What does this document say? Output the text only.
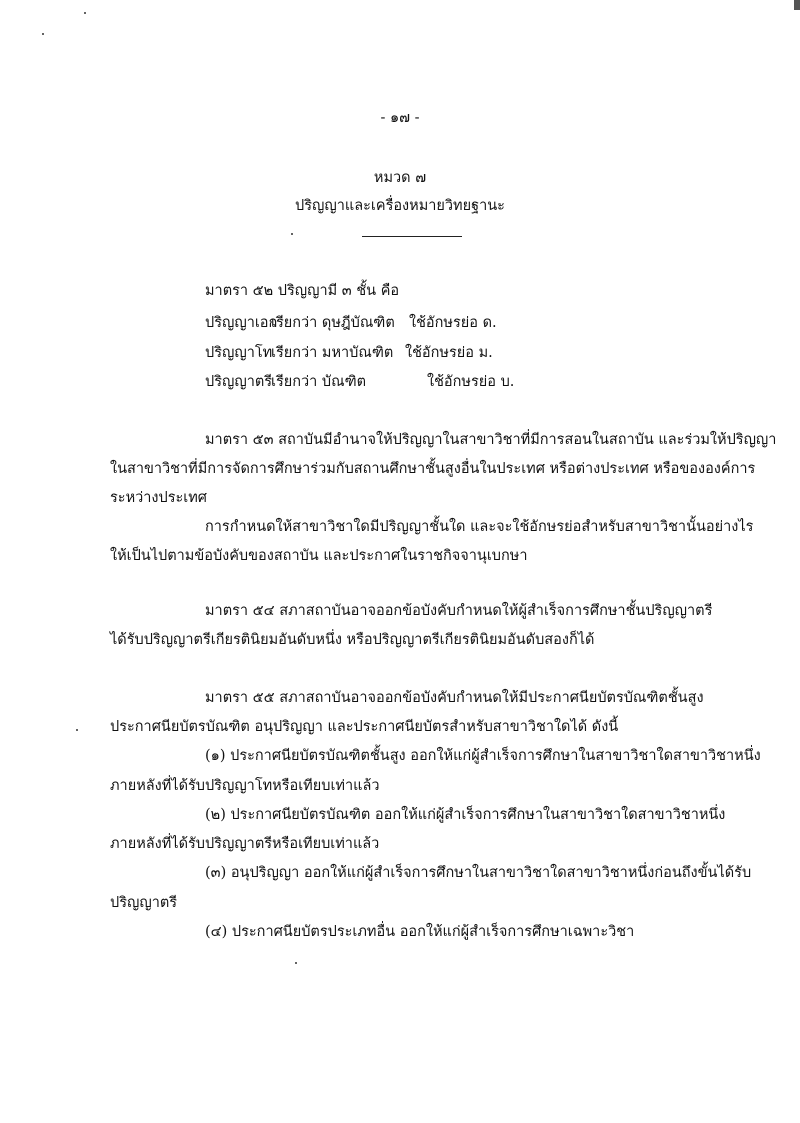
- ๑๗ -
หมวด ๗
ปริญญาและเครื่องหมายวิทยฐานะ
มาตรา ๕๒ ปริญญามี ๓ ชั้น คือ
ปริญญาเอก
เรียกว่า ดุษฎีบัณฑิต ใช้อักษรย่อ ด.
ปริญญาโท
เรียกว่า มหาบัณฑิต ใช้อักษรย่อ ม.
ปริญญาตรี
เรียกว่า บัณฑิต	ใช้อักษรย่อ บ.
มาตรา ๕๓ สถาบันมีอำนาจให้ปริญญาในสาขาวิชาที่มีการสอนในสถาบัน และร่วมให้ปริญญา
ในสาขาวิชาที่มีการจัดการศึกษาร่วมกับสถานศึกษาชั้นสูงอื่นในประเทศ หรือต่างประเทศ หรือขององค์การ
ระหว่างประเทศ
การกำหนดให้สาขาวิชาใดมีปริญญาชั้นใด และจะใช้อักษรย่อสำหรับสาขาวิชานั้นอย่างไร
ให้เป็นไปตามข้อบังคับของสถาบัน และประกาศในราชกิจจานุเบกษา
มาตรา ๕๔ สภาสถาบันอาจออกข้อบังคับกำหนดให้ผู้สำเร็จการศึกษาชั้นปริญญาตรี
ได้รับปริญญาตรีเกียรตินิยมอันดับหนึ่ง หรือปริญญาตรีเกียรตินิยมอันดับสองก็ได้
มาตรา ๕๕ สภาสถาบันอาจออกข้อบังคับกำหนดให้มีประกาศนียบัตรบัณฑิตชั้นสูง
ประกาศนียบัตรบัณฑิต อนุปริญญา และประกาศนียบัตรสำหรับสาขาวิชาใดได้ ดังนี้
(๑) ประกาศนียบัตรบัณฑิตชั้นสูง ออกให้แก่ผู้สำเร็จการศึกษาในสาขาวิชาใดสาขาวิชาหนึ่ง
ภายหลังที่ได้รับปริญญาโทหรือเทียบเท่าแล้ว
(๒) ประกาศนียบัตรบัณฑิต ออกให้แก่ผู้สำเร็จการศึกษาในสาขาวิชาใดสาขาวิชาหนึ่ง
ภายหลังที่ได้รับปริญญาตรีหรือเทียบเท่าแล้ว
(๓) อนุปริญญา ออกให้แก่ผู้สำเร็จการศึกษาในสาขาวิชาใดสาขาวิชาหนึ่งก่อนถึงขั้นได้รับ
ปริญญาตรี
(๔) ประกาศนียบัตรประเภทอื่น ออกให้แก่ผู้สำเร็จการศึกษาเฉพาะวิชา
